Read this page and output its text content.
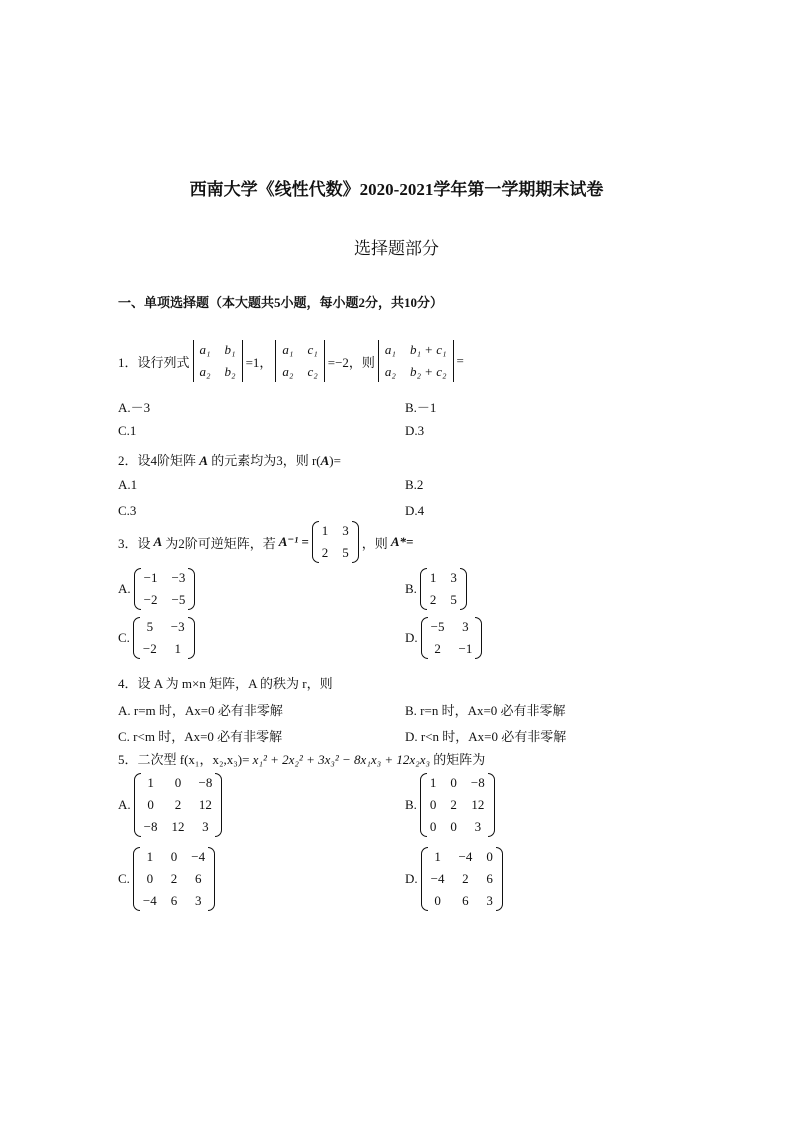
西南大学《线性代数》2020-2021学年第一学期期末试卷
选择题部分
一、单项选择题（本大题共5小题，每小题2分，共10分）
1．设行列式
a₁ b₁
a₂ b₂
=1，
a₁ c₁
a₂ c₂
=−2，则
a₁ b₁ + c₁
a₂ b₂ + c₂
=
A.－3	B.－1
C.1	D.3
2．设4阶矩阵 A 的元素均为3，则 r(A)=
A.1	B.2
C.3	D.4
3．设 A 为2阶可逆矩阵，若 A⁻¹ =
1 3
2 5
，则 A*=
A.
−1 −3
−2 −5
B.
1 3
2 5
C.
5 −3
−2 1
D.
−5 3
2 −1
4．设 A 为 m×n 矩阵，A 的秩为 r，则
A. r=m 时，Ax=0 必有非零解	B. r=n 时，Ax=0 必有非零解
C. r<m 时，Ax=0 必有非零解	D. r<n 时，Ax=0 必有非零解
5．二次型 f(x₁，x₂,x₃)= x₁² + 2x₂² + 3x₃² − 8x₁x₃ + 12x₂x₃ 的矩阵为
A.
1 0 −8
0 2 12
−8 12 3
B.
1 0 −8
0 2 12
0 0 3
C.
1 0 −4
0 2 6
−4 6 3
D.
1 −4 0
−4 2 6
0 6 3
